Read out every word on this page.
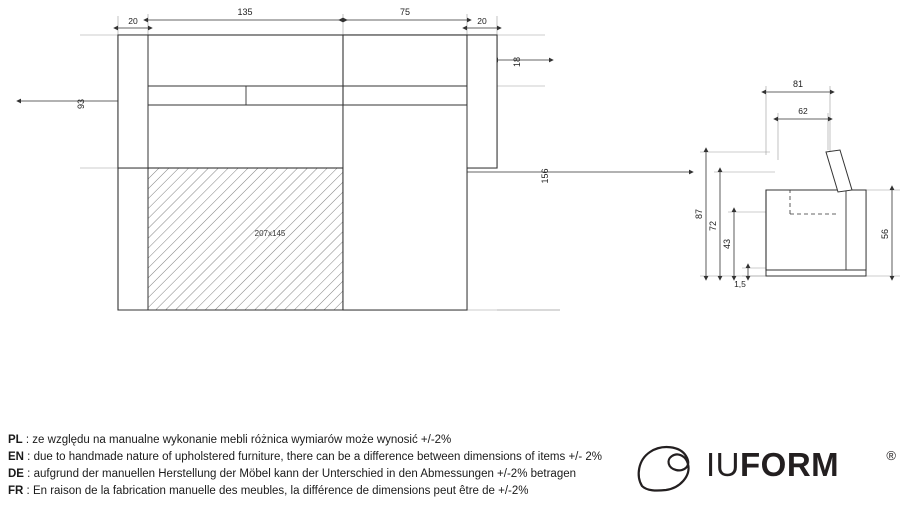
207x145
20
135	75
20
93
18
156
81
62
87
72
43
1,5
56
PL : ze względu na manualne wykonanie mebli różnica wymiarów może wynosić +/-2%
EN : due to handmade nature of upholstered furniture, there can be a difference between dimensions of items +/- 2%
DE : aufgrund der manuellen Herstellung der Möbel kann der Unterschied in den Abmessungen +/-2% betragen
FR : En raison de la fabrication manuelle des meubles, la différence de dimensions peut être de +/-2%
IUFORM	®
